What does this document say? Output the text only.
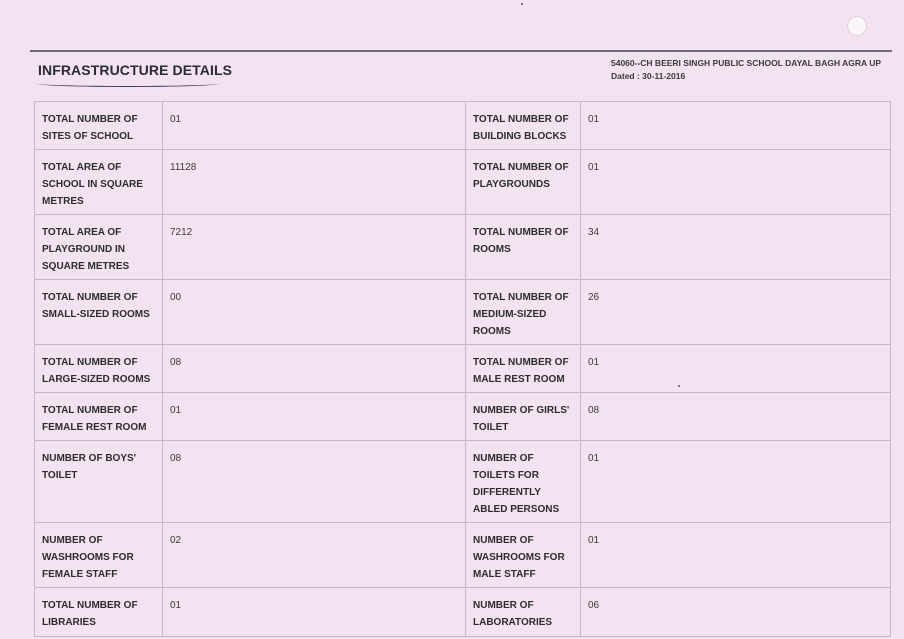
INFRASTRUCTURE DETAILS	54060--CH BEERI SINGH PUBLIC SCHOOL DAYAL BAGH AGRA UP
Dated : 30-11-2016
TOTAL NUMBER OF SITES OF SCHOOL	01	TOTAL NUMBER OF BUILDING BLOCKS	01
TOTAL AREA OF SCHOOL IN SQUARE METRES	11128	TOTAL NUMBER OF PLAYGROUNDS	01
TOTAL AREA OF PLAYGROUND IN SQUARE METRES	7212	TOTAL NUMBER OF ROOMS	34
TOTAL NUMBER OF SMALL-SIZED ROOMS	00	TOTAL NUMBER OF MEDIUM-SIZED ROOMS	26
TOTAL NUMBER OF LARGE-SIZED ROOMS	08	TOTAL NUMBER OF MALE REST ROOM	01
TOTAL NUMBER OF FEMALE REST ROOM	01	NUMBER OF GIRLS' TOILET	08
NUMBER OF BOYS' TOILET	08	NUMBER OF TOILETS FOR DIFFERENTLY ABLED PERSONS	01
NUMBER OF WASHROOMS FOR FEMALE STAFF	02	NUMBER OF WASHROOMS FOR MALE STAFF	01
TOTAL NUMBER OF LIBRARIES	01	NUMBER OF LABORATORIES	06
